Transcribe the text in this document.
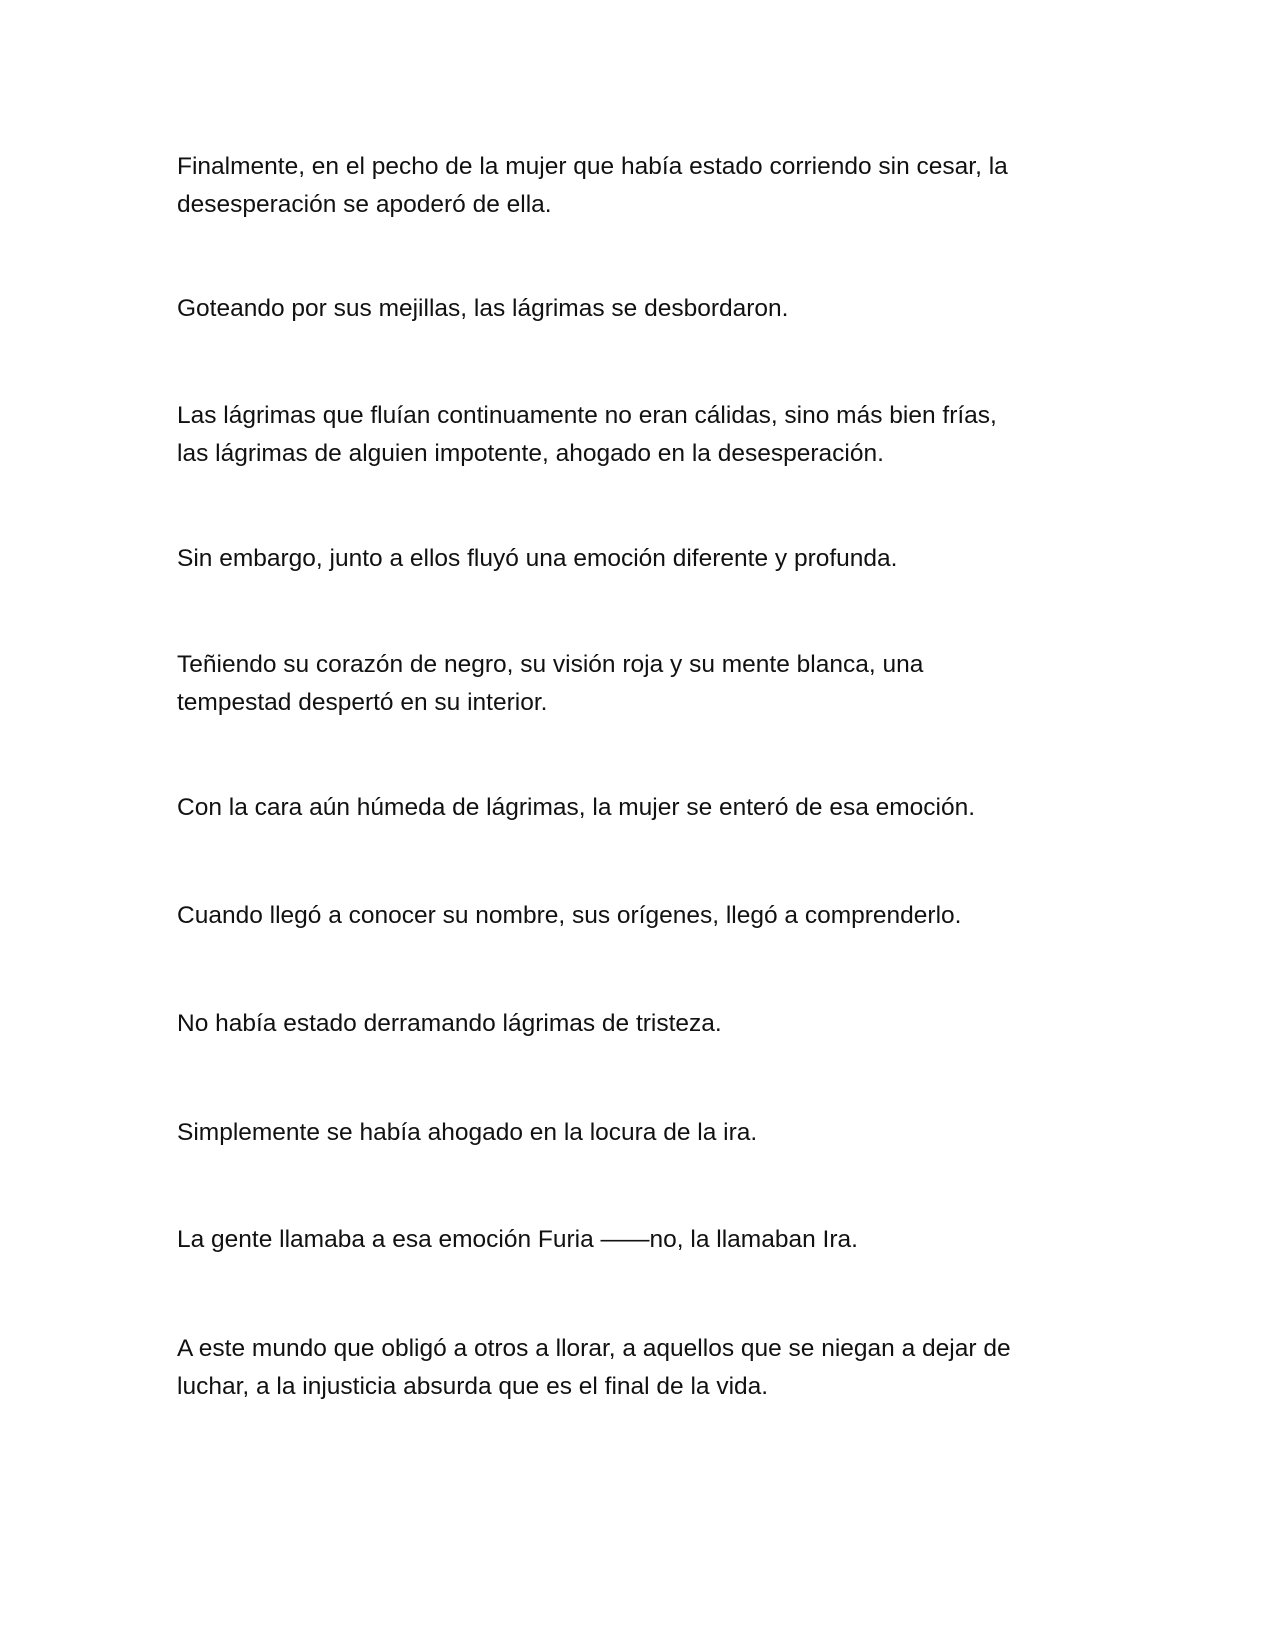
Finalmente, en el pecho de la mujer que había estado corriendo sin cesar, la
desesperación se apoderó de ella.

Goteando por sus mejillas, las lágrimas se desbordaron.

Las lágrimas que fluían continuamente no eran cálidas, sino más bien frías,
las lágrimas de alguien impotente, ahogado en la desesperación.

Sin embargo, junto a ellos fluyó una emoción diferente y profunda.

Teñiendo su corazón de negro, su visión roja y su mente blanca, una
tempestad despertó en su interior.

Con la cara aún húmeda de lágrimas, la mujer se enteró de esa emoción.

Cuando llegó a conocer su nombre, sus orígenes, llegó a comprenderlo.

No había estado derramando lágrimas de tristeza.

Simplemente se había ahogado en la locura de la ira.

La gente llamaba a esa emoción Furia ——no, la llamaban Ira.

A este mundo que obligó a otros a llorar, a aquellos que se niegan a dejar de
luchar, a la injusticia absurda que es el final de la vida.
